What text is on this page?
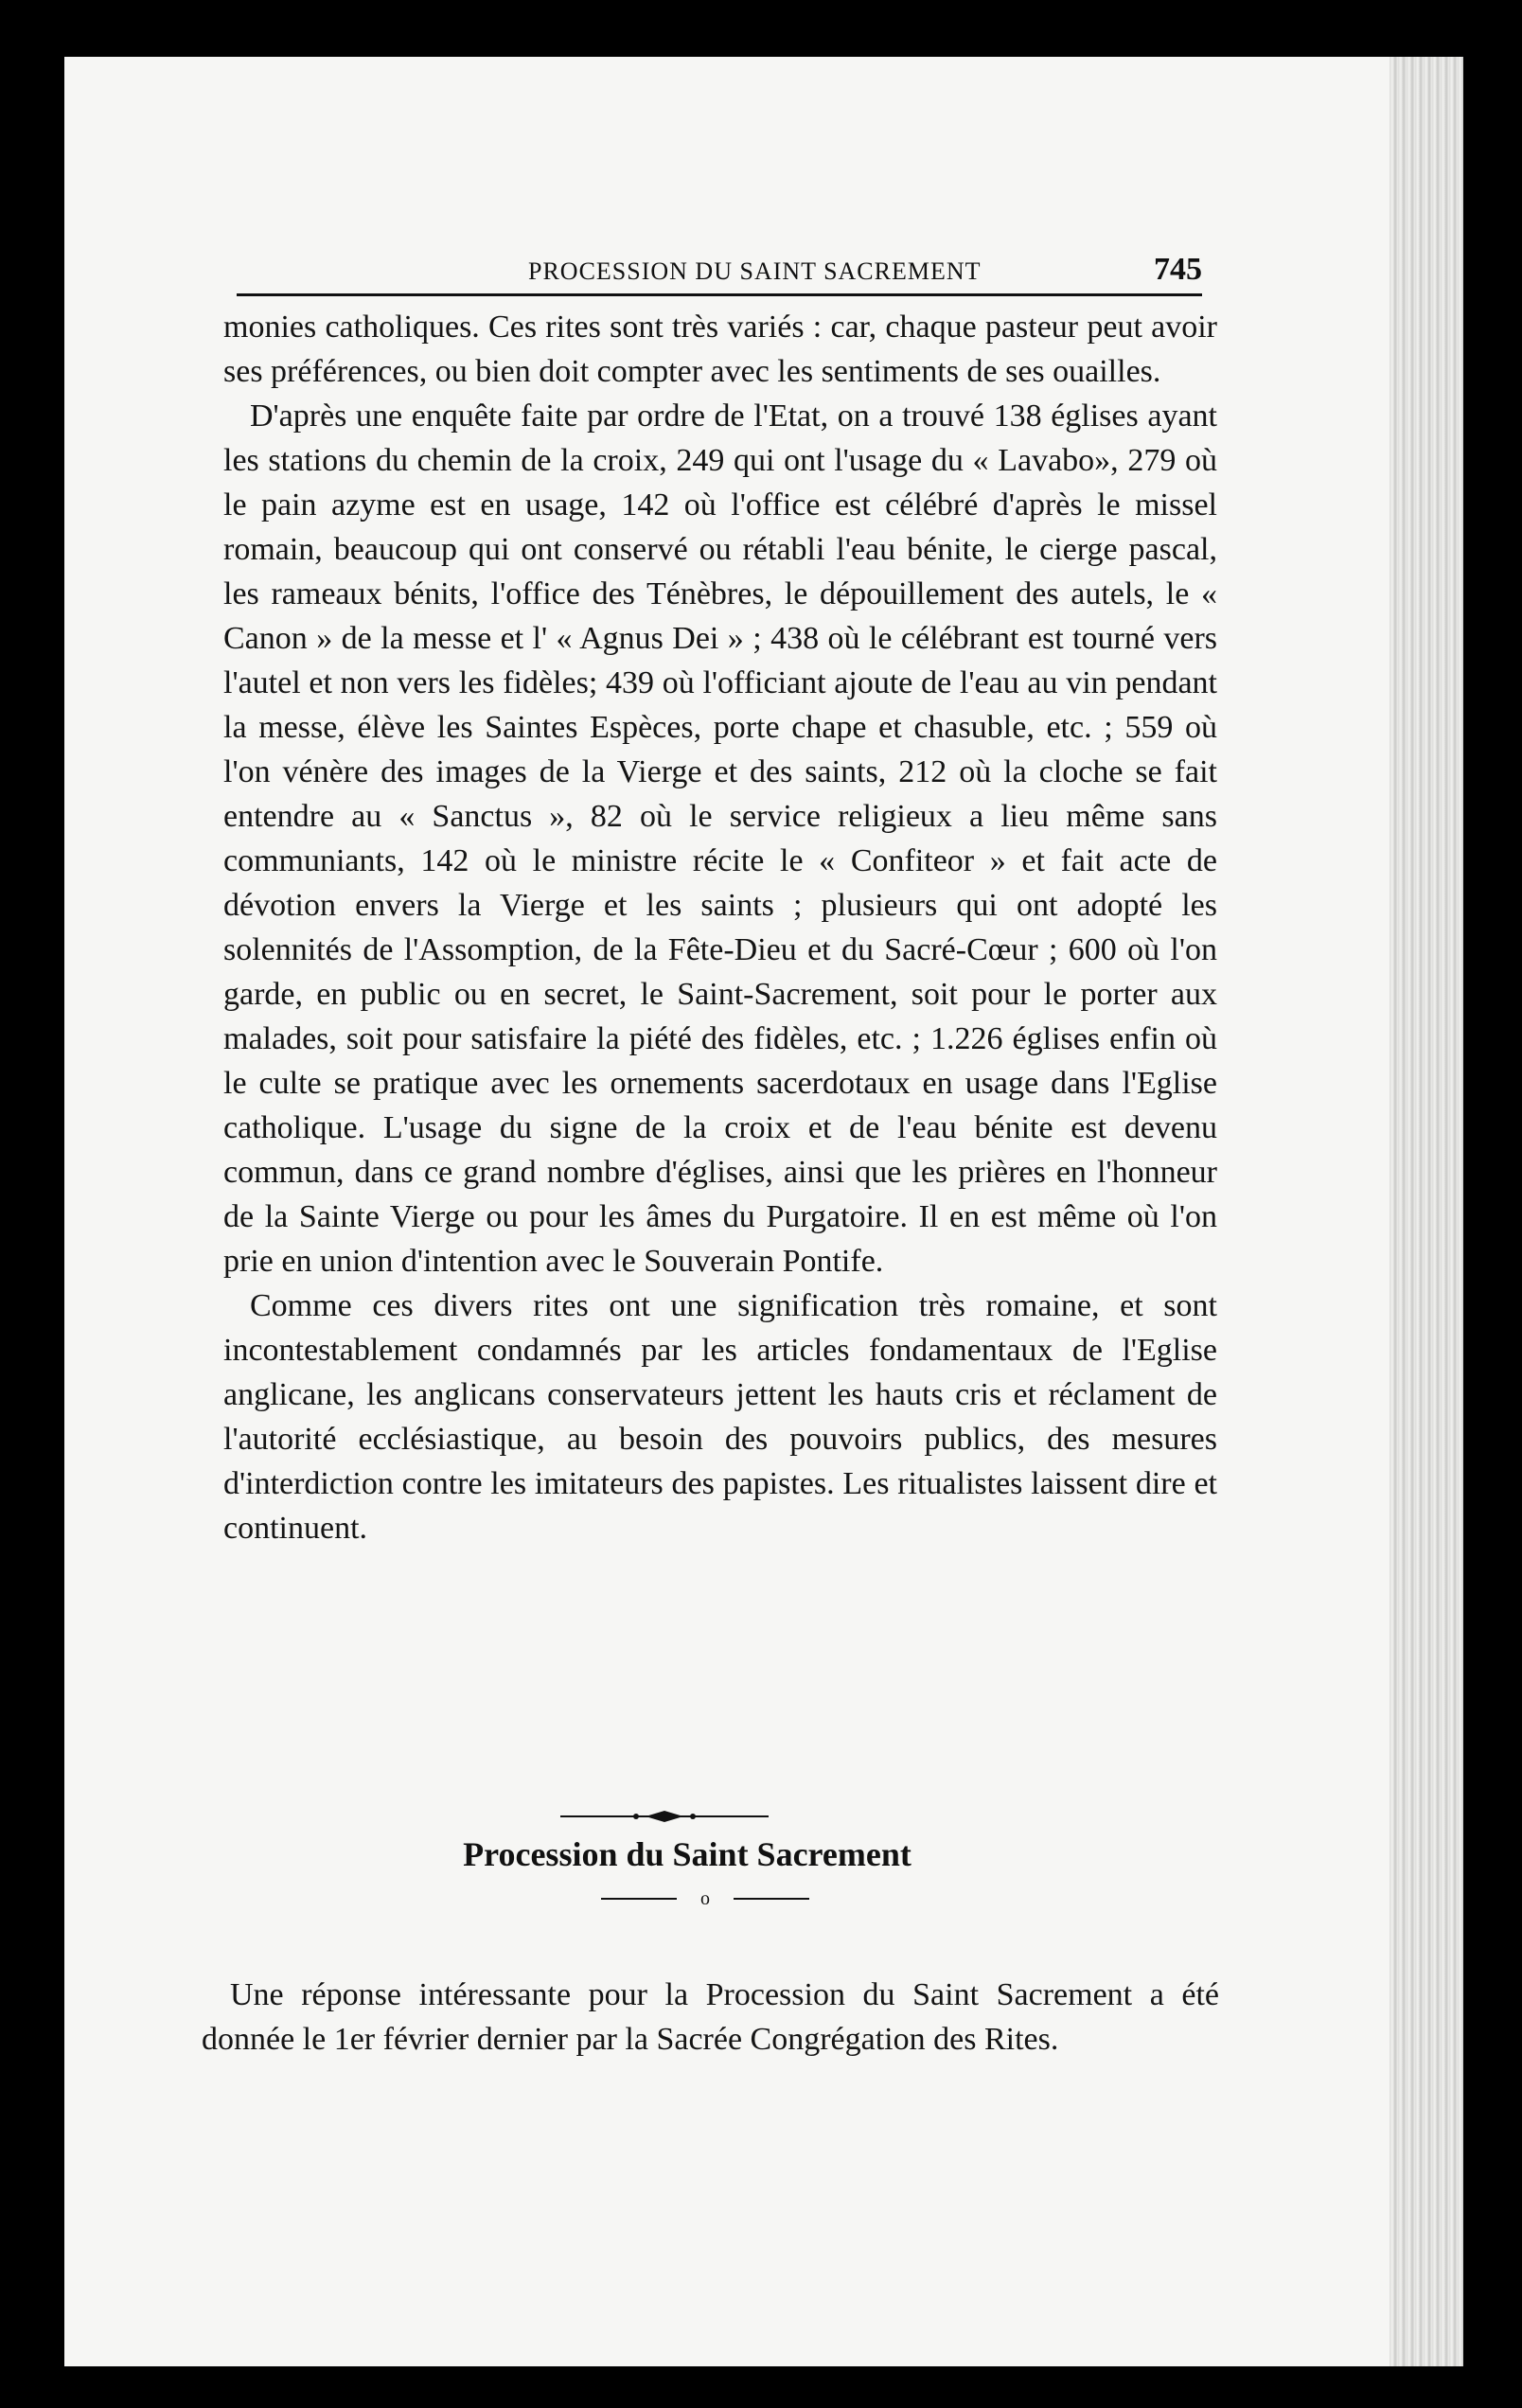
PROCESSION DU SAINT SACREMENT	745

monies catholiques. Ces rites sont très variés : car, chaque pasteur peut avoir ses préférences, ou bien doit compter avec les sentiments de ses ouailles.

D'après une enquête faite par ordre de l'Etat, on a trouvé 138 églises ayant les stations du chemin de la croix, 249 qui ont l'usage du « Lavabo», 279 où le pain azyme est en usage, 142 où l'office est célébré d'après le missel romain, beaucoup qui ont conservé ou rétabli l'eau bénite, le cierge pascal, les rameaux bénits, l'office des Ténèbres, le dépouillement des autels, le « Canon » de la messe et l' « Agnus Dei » ; 438 où le célébrant est tourné vers l'autel et non vers les fidèles; 439 où l'officiant ajoute de l'eau au vin pendant la messe, élève les Saintes Espèces, porte chape et chasuble, etc. ; 559 où l'on vénère des images de la Vierge et des saints, 212 où la cloche se fait entendre au « Sanctus », 82 où le service religieux a lieu même sans communiants, 142 où le ministre récite le « Confiteor » et fait acte de dévotion envers la Vierge et les saints ; plusieurs qui ont adopté les solennités de l'Assomption, de la Fête-Dieu et du Sacré-Cœur ; 600 où l'on garde, en public ou en secret, le Saint-Sacrement, soit pour le porter aux malades, soit pour satisfaire la piété des fidèles, etc. ; 1.226 églises enfin où le culte se pratique avec les ornements sacerdotaux en usage dans l'Eglise catholique. L'usage du signe de la croix et de l'eau bénite est devenu commun, dans ce grand nombre d'églises, ainsi que les prières en l'honneur de la Sainte Vierge ou pour les âmes du Purgatoire. Il en est même où l'on prie en union d'intention avec le Souverain Pontife.

Comme ces divers rites ont une signification très romaine, et sont incontestablement condamnés par les articles fondamentaux de l'Eglise anglicane, les anglicans conservateurs jettent les hauts cris et réclament de l'autorité ecclésiastique, au besoin des pouvoirs publics, des mesures d'interdiction contre les imitateurs des papistes. Les ritualistes laissent dire et continuent.

Procession du Saint Sacrement
o

Une réponse intéressante pour la Procession du Saint Sacrement a été donnée le 1er février dernier par la Sacrée Congrégation des Rites.
